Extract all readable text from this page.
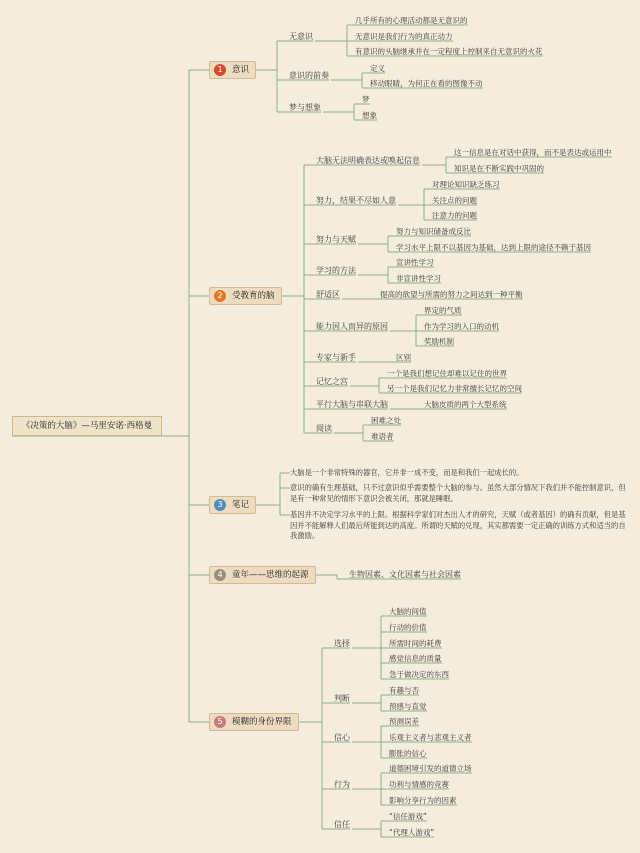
《决策的大脑》—马里安诺·西格曼
1	意识
无意识
几乎所有的心理活动都是无意识的
无意识是我们行为的真正动力
有意识的头脑继承并在一定程度上控制来自无意识的火花
意识的前奏
定义
移动眼睛，为何正在看的图像不动
梦与想象
梦
想象
2	受教育的脑
大脑无法明确表达或唤起信息
这一信息是在对话中获得，而不是表达或运用中
知识是在不断实践中巩固的
努力，结果不尽如人意
对理论知识缺乏练习
关注点的问题
注意力的问题
努力与天赋
努力与知识储备成反比
学习水平上限不以基因为基础，达到上限的途径不赖于基因
学习的方法
宣讲性学习
非宣讲性学习
舒适区	提高的欲望与所需的努力之间达到一种平衡
能力因人而异的原因
界定的气质
作为学习的入口的动机
奖励机制
专家与新手	区别
记忆之宫
一个是我们想记住却难以记住的世界
另一个是我们记忆力非常擅长记忆的空间
平行大脑与串联大脑	大脑皮质的两个大型系统
阅读
困难之处
难语者
3	笔记
大脑是一个非常特殊的器官，它并非一成不变，而是和我们一起成长的。
意识的确有生理基础，只不过意识似乎需要整个大脑的参与。虽然大部分情况下我们并不能控制意识，但是有一种常见的情形下意识会被关闭，那就是睡眠。
基因并不决定学习水平的上限。根据科学家们对杰出人才的研究，天赋（或者基因）的确有贡献，但是基因并不能解释人们最后所能到达的高度。所谓的天赋的兑现，其实都需要一定正确的训练方式和适当的自我激励。
4	童年——思维的起源	生物因素、文化因素与社会因素
5	模糊的身份界限
选择
大脑的间值
行动的价值
所需时间的耗费
感觉信息的质量
急于做决定的东西
判断
有趣与否
预感与直觉
信心
预测误差
乐观主义者与悲观主义者
膨胀的信心
行为
道德困境引发的道德立场
功利与情感的竞赛
影响分享行为的因素
信任
“信任游戏”
“代理人游戏”
